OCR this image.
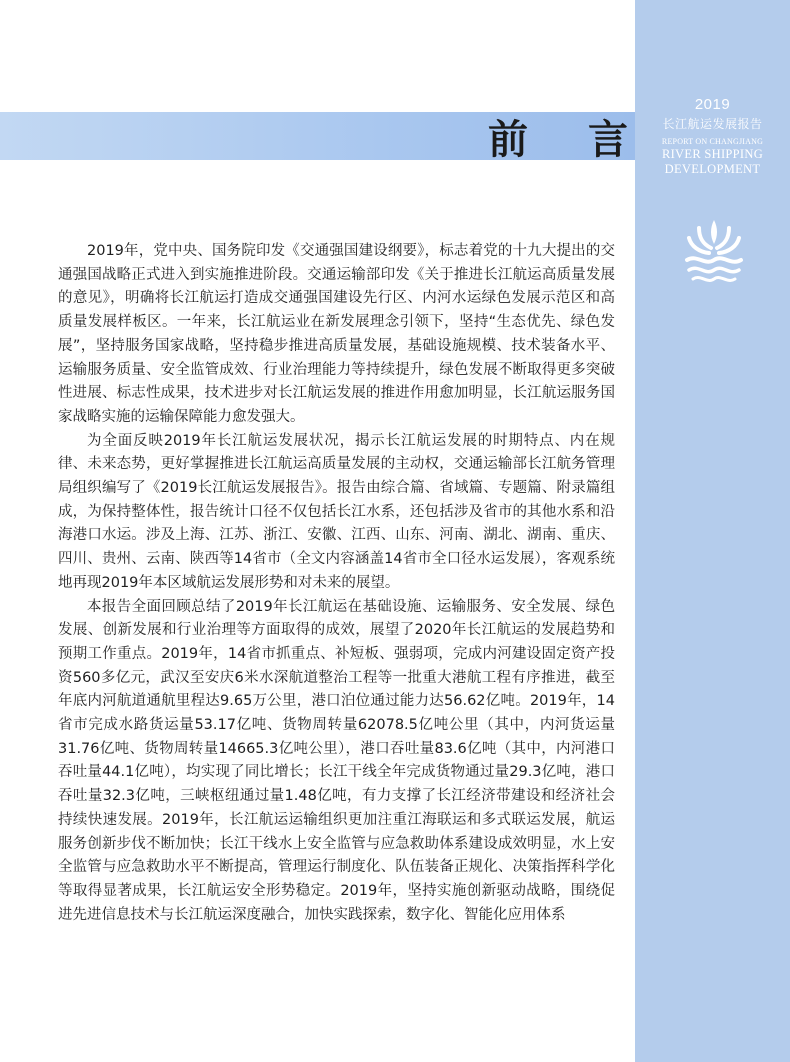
2019
长江航运发展报告
REPORT ON CHANGJIANG
RIVER SHIPPING
DEVELOPMENT
前 言

2019年，党中央、国务院印发《交通强国建设纲要》，标志着党的十九大提出的交通强国战略正式进入到实施推进阶段。交通运输部印发《关于推进长江航运高质量发展的意见》，明确将长江航运打造成交通强国建设先行区、内河水运绿色发展示范区和高质量发展样板区。一年来，长江航运业在新发展理念引领下，坚持“生态优先、绿色发展”，坚持服务国家战略，坚持稳步推进高质量发展，基础设施规模、技术装备水平、运输服务质量、安全监管成效、行业治理能力等持续提升，绿色发展不断取得更多突破性进展、标志性成果，技术进步对长江航运发展的推进作用愈加明显，长江航运服务国家战略实施的运输保障能力愈发强大。

为全面反映2019年长江航运发展状况，揭示长江航运发展的时期特点、内在规律、未来态势，更好掌握推进长江航运高质量发展的主动权，交通运输部长江航务管理局组织编写了《2019长江航运发展报告》。报告由综合篇、省域篇、专题篇、附录篇组成，为保持整体性，报告统计口径不仅包括长江水系，还包括涉及省市的其他水系和沿海港口水运。涉及上海、江苏、浙江、安徽、江西、山东、河南、湖北、湖南、重庆、四川、贵州、云南、陕西等14省市（全文内容涵盖14省市全口径水运发展），客观系统地再现2019年本区域航运发展形势和对未来的展望。

本报告全面回顾总结了2019年长江航运在基础设施、运输服务、安全发展、绿色发展、创新发展和行业治理等方面取得的成效，展望了2020年长江航运的发展趋势和预期工作重点。2019年，14省市抓重点、补短板、强弱项，完成内河建设固定资产投资560多亿元，武汉至安庆6米水深航道整治工程等一批重大港航工程有序推进，截至年底内河航道通航里程达9.65万公里，港口泊位通过能力达56.62亿吨。2019年，14省市完成水路货运量53.17亿吨、货物周转量62078.5亿吨公里（其中，内河货运量31.76亿吨、货物周转量14665.3亿吨公里），港口吞吐量83.6亿吨（其中，内河港口吞吐量44.1亿吨），均实现了同比增长；长江干线全年完成货物通过量29.3亿吨，港口吞吐量32.3亿吨，三峡枢纽通过量1.48亿吨，有力支撑了长江经济带建设和经济社会持续快速发展。2019年，长江航运运输组织更加注重江海联运和多式联运发展，航运服务创新步伐不断加快；长江干线水上安全监管与应急救助体系建设成效明显，水上安全监管与应急救助水平不断提高，管理运行制度化、队伍装备正规化、决策指挥科学化等取得显著成果，长江航运安全形势稳定。2019年，坚持实施创新驱动战略，围绕促进先进信息技术与长江航运深度融合，加快实践探索，数字化、智能化应用体系
